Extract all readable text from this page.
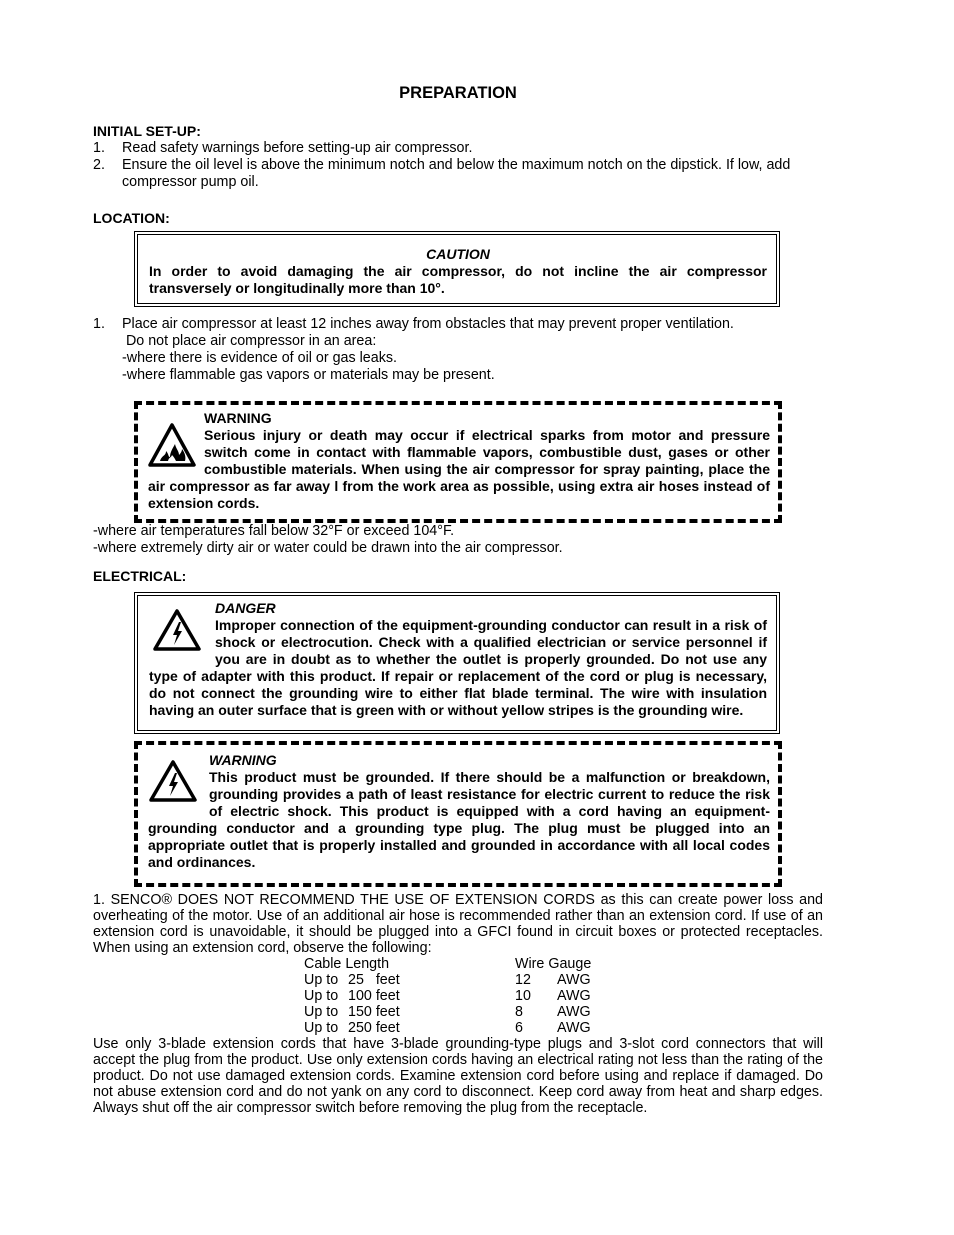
PREPARATION
INITIAL SET-UP:
1.	Read safety warnings before setting-up air compressor.
2.	Ensure the oil level is above the minimum notch and below the maximum notch on the dipstick. If low, add compressor pump oil.
LOCATION:
CAUTION
In order to avoid damaging the air compressor, do not incline the air compressor transversely or longitudinally more than 10°.
1.	Place air compressor at least 12 inches away from obstacles that may prevent proper ventilation.
Do not place air compressor in an area:
-where there is evidence of oil or gas leaks.
-where flammable gas vapors or materials may be present.
WARNING
Serious injury or death may occur if electrical sparks from motor and pressure switch come in contact with flammable vapors, combustible dust, gases or other combustible materials. When using the air compressor for spray painting, place the air compressor as far away l from the work area as possible, using extra air hoses instead of extension cords.
-where air temperatures fall below 32°F or exceed 104°F.
-where extremely dirty air or water could be drawn into the air compressor.
ELECTRICAL:
DANGER
Improper connection of the equipment-grounding conductor can result in a risk of shock or electrocution. Check with a qualified electrician or service personnel if you are in doubt as to whether the outlet is properly grounded. Do not use any type of adapter with this product. If repair or replacement of the cord or plug is necessary, do not connect the grounding wire to either flat blade terminal. The wire with insulation having an outer surface that is green with or without yellow stripes is the grounding wire.
WARNING
This product must be grounded. If there should be a malfunction or breakdown, grounding provides a path of least resistance for electric current to reduce the risk of electric shock. This product is equipped with a cord having an equipment-grounding conductor and a grounding type plug. The plug must be plugged into an appropriate outlet that is properly installed and grounded in accordance with all local codes and ordinances.
1. SENCO® DOES NOT RECOMMEND THE USE OF EXTENSION CORDS as this can create power loss and overheating of the motor. Use of an additional air hose is recommended rather than an extension cord. If use of an extension cord is unavoidable, it should be plugged into a GFCI found in circuit boxes or protected receptacles. When using an extension cord, observe the following:
Cable Length		Wire Gauge	
Up to	25   feet	12	AWG
Up to	100 feet	10	AWG
Up to	150 feet	8	AWG
Up to	250 feet	6	AWG
Use only 3-blade extension cords that have 3-blade grounding-type plugs and 3-slot cord connectors that will accept the plug from the product. Use only extension cords having an electrical rating not less than the rating of the product. Do not use damaged extension cords. Examine extension cord before using and replace if damaged. Do not abuse extension cord and do not yank on any cord to disconnect. Keep cord away from heat and sharp edges. Always shut off the air compressor switch before removing the plug from the receptacle.
